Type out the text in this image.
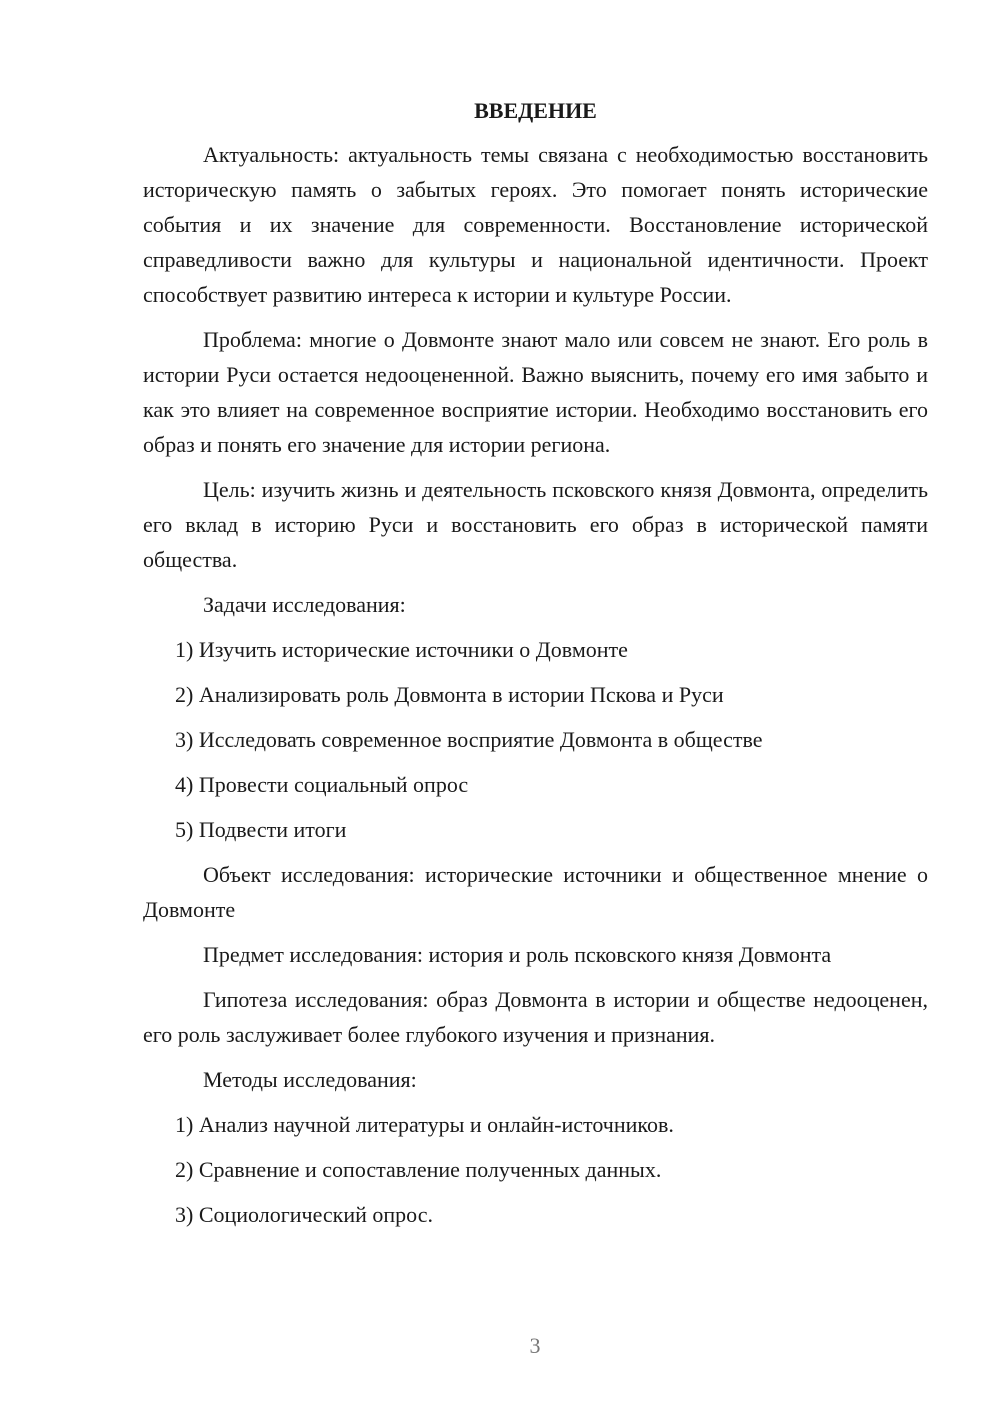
ВВЕДЕНИЕ

Актуальность: актуальность темы связана с необходимостью восстановить историческую память о забытых героях. Это помогает понять исторические события и их значение для современности. Восстановление исторической справедливости важно для культуры и национальной идентичности. Проект способствует развитию интереса к истории и культуре России.

Проблема: многие о Довмонте знают мало или совсем не знают. Его роль в истории Руси остается недооцененной. Важно выяснить, почему его имя забыто и как это влияет на современное восприятие истории. Необходимо восстановить его образ и понять его значение для истории региона.

Цель: изучить жизнь и деятельность псковского князя Довмонта, определить его вклад в историю Руси и восстановить его образ в исторической памяти общества.

Задачи исследования:

1) Изучить исторические источники о Довмонте
2) Анализировать роль Довмонта в истории Пскова и Руси
3) Исследовать современное восприятие Довмонта в обществе
4) Провести социальный опрос
5) Подвести итоги

Объект исследования: исторические источники и общественное мнение о Довмонте

Предмет исследования: история и роль псковского князя Довмонта

Гипотеза исследования: образ Довмонта в истории и обществе недооценен, его роль заслуживает более глубокого изучения и признания.

Методы исследования:

1) Анализ научной литературы и онлайн-источников.
2) Сравнение и сопоставление полученных данных.
3) Социологический опрос.
3
